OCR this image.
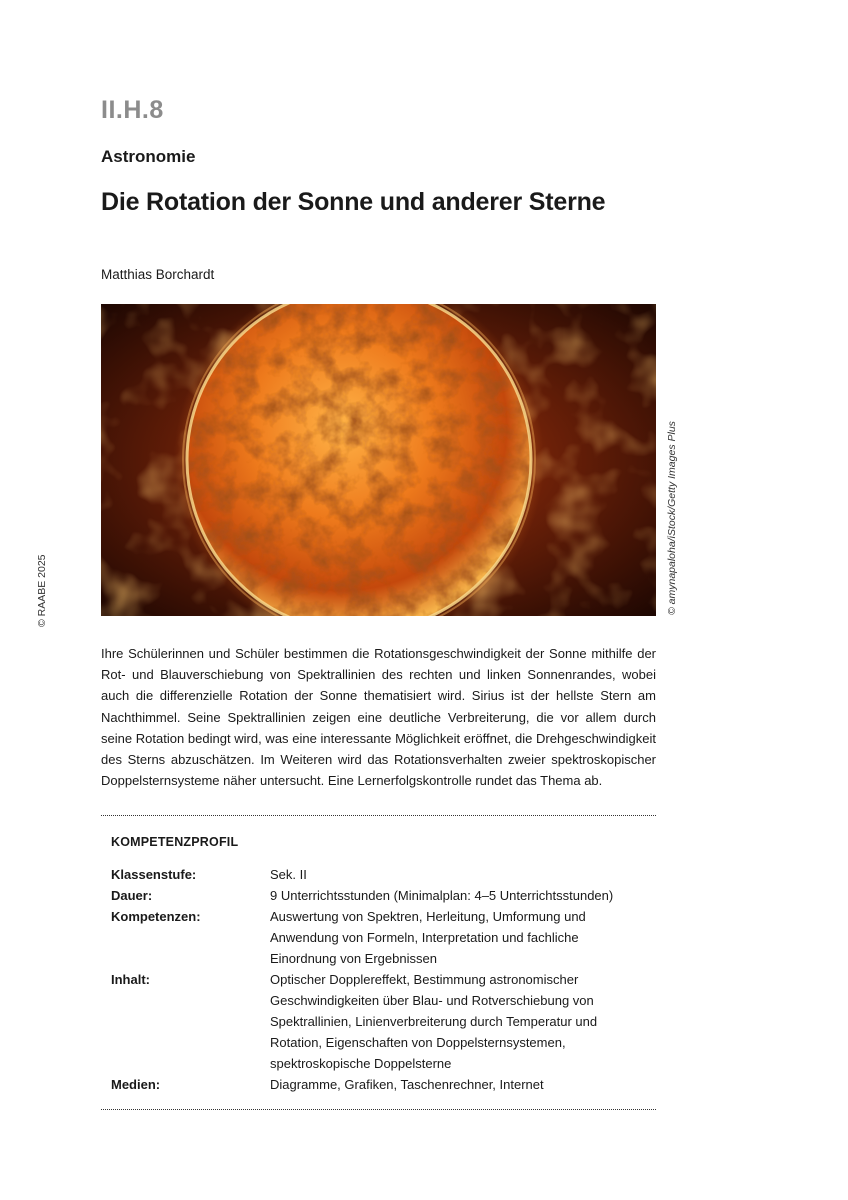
II.H.8
Astronomie
Die Rotation der Sonne und anderer Sterne
Matthias Borchardt
© amynapaloha/iStock/Getty Images Plus
© RAABE 2025
Ihre Schülerinnen und Schüler bestimmen die Rotationsgeschwindigkeit der Sonne mithilfe der Rot- und Blauverschiebung von Spektrallinien des rechten und linken Sonnenrandes, wobei auch die differenzielle Rotation der Sonne thematisiert wird. Sirius ist der hellste Stern am Nachthimmel. Seine Spektrallinien zeigen eine deutliche Verbreiterung, die vor allem durch seine Rotation bedingt wird, was eine interessante Möglichkeit eröffnet, die Drehgeschwindigkeit des Sterns abzuschätzen. Im Weiteren wird das Rotationsverhalten zweier spektroskopischer Doppelsternsysteme näher untersucht. Eine Lernerfolgskontrolle rundet das Thema ab.
KOMPETENZPROFIL
Klassenstufe:	Sek. II
Dauer:	9 Unterrichtsstunden (Minimalplan: 4–5 Unterrichtsstunden)
Kompetenzen:	Auswertung von Spektren, Herleitung, Umformung und Anwendung von Formeln, Interpretation und fachliche Einordnung von Ergebnissen
Inhalt:	Optischer Dopplereffekt, Bestimmung astronomischer Geschwindigkeiten über Blau- und Rotverschiebung von Spektrallinien, Linienverbreiterung durch Temperatur und Rotation, Eigenschaften von Doppelsternsystemen, spektroskopische Doppelsterne
Medien:	Diagramme, Grafiken, Taschenrechner, Internet
